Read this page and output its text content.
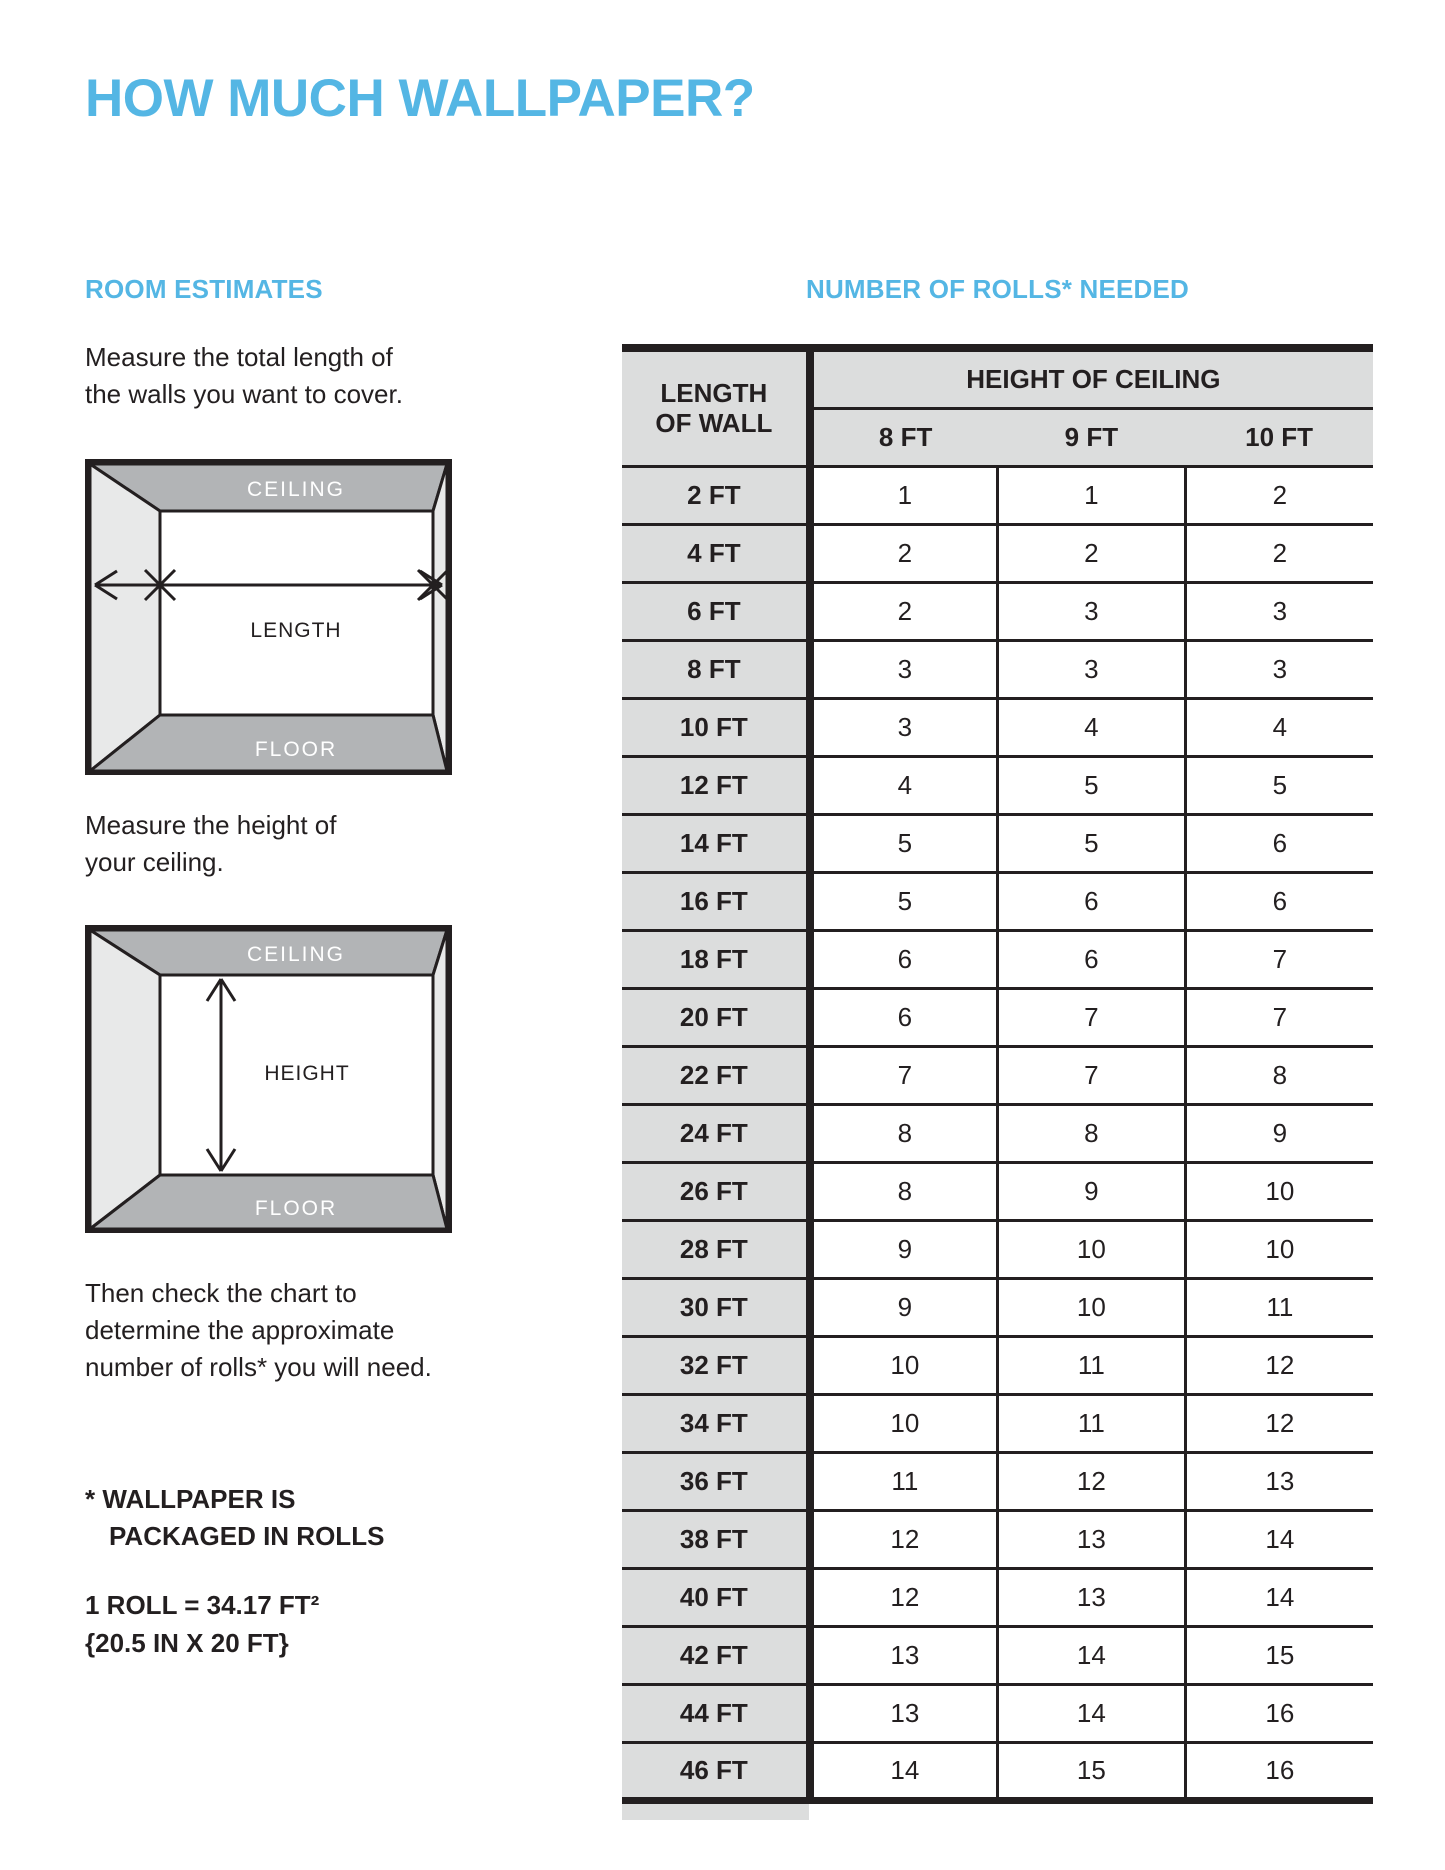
HOW MUCH WALLPAPER?
ROOM ESTIMATES	NUMBER OF ROLLS* NEEDED
Measure the total length of
the walls you want to cover.
CEILING
FLOOR
LENGTH
Measure the height of
your ceiling.
CEILING
FLOOR
HEIGHT
Then check the chart to
determine the approximate
number of rolls* you will need.
* WALLPAPER IS
PACKAGED IN ROLLS
1 ROLL = 34.17 FT²
{20.5 IN X 20 FT}
LENGTH
OF WALL	HEIGHT OF CEILING		
	8 FT	9 FT	10 FT
2 FT	1	1	2
4 FT	2	2	2
6 FT	2	3	3
8 FT	3	3	3
10 FT	3	4	4
12 FT	4	5	5
14 FT	5	5	6
16 FT	5	6	6
18 FT	6	6	7
20 FT	6	7	7
22 FT	7	7	8
24 FT	8	8	9
26 FT	8	9	10
28 FT	9	10	10
30 FT	9	10	11
32 FT	10	11	12
34 FT	10	11	12
36 FT	11	12	13
38 FT	12	13	14
40 FT	12	13	14
42 FT	13	14	15
44 FT	13	14	16
46 FT	14	15	16
